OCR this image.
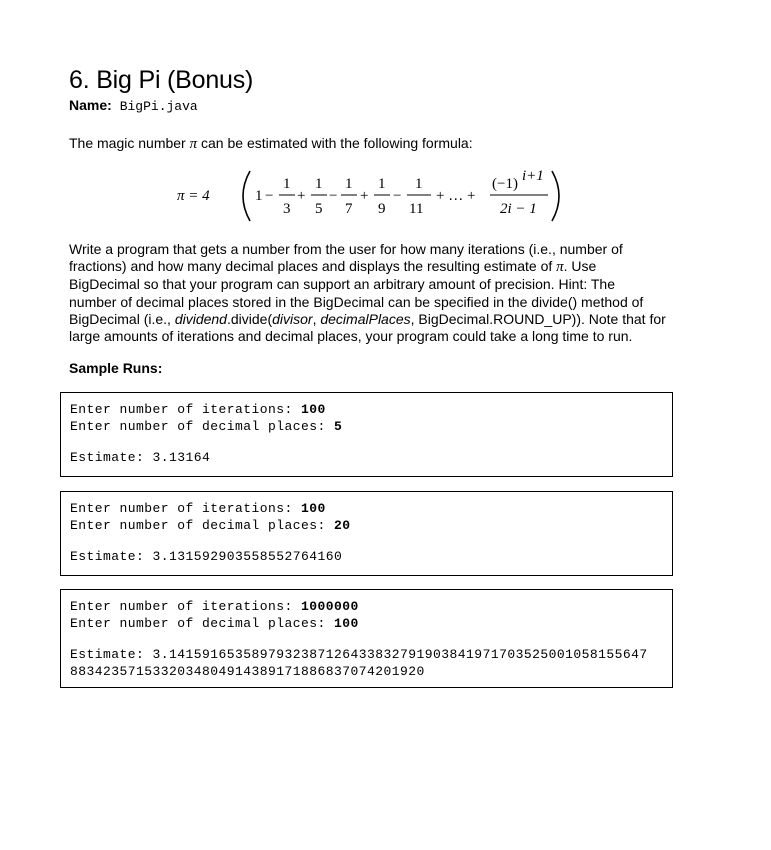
6. Big Pi (Bonus)
Name: BigPi.java
The magic number π can be estimated with the following formula:
π = 4	1 −
1
3
+
1
5
−
1
7
+
1
9
−
1
11
+ … +
(−1) i+1
2i − 1
Write a program that gets a number from the user for how many iterations (i.e., number of
fractions) and how many decimal places and displays the resulting estimate of π. Use
BigDecimal so that your program can support an arbitrary amount of precision. Hint: The
number of decimal places stored in the BigDecimal can be specified in the divide() method of
BigDecimal (i.e., dividend.divide(divisor, decimalPlaces, BigDecimal.ROUND_UP)). Note that for
large amounts of iterations and decimal places, your program could take a long time to run.
Sample Runs:
Enter number of iterations: 100
Enter number of decimal places: 5
Estimate: 3.13164
Enter number of iterations: 100
Enter number of decimal places: 20
Estimate: 3.131592903558552764160
Enter number of iterations: 1000000
Enter number of decimal places: 100
Estimate: 3.1415916535897932387126433832791903841971703525001058155647
8834235715332034804914389171886837074201920
